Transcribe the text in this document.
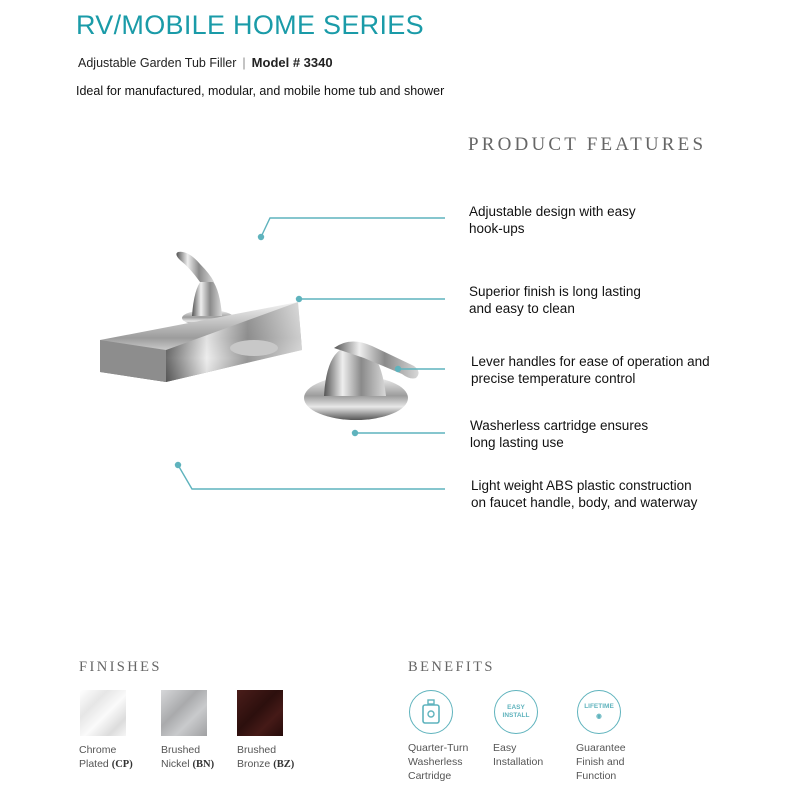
RV/MOBILE HOME SERIES
Adjustable Garden Tub Filler | Model # 3340
Ideal for manufactured, modular, and mobile home tub and shower
PRODUCT FEATURES
Adjustable design with easy
hook-ups
Superior finish is long lasting
and easy to clean
Lever handles for ease of operation and
precise temperature control
Washerless cartridge ensures
long lasting use
Light weight ABS plastic construction
on faucet handle, body, and waterway
FINISHES
Chrome
Plated (CP)
Brushed
Nickel (BN)
Brushed
Bronze (BZ)
BENEFITS
Quarter-Turn
Washerless
Cartridge
EASY
INSTALL
Easy
Installation
LIFETIME
◉
Guarantee
Finish and
Function
